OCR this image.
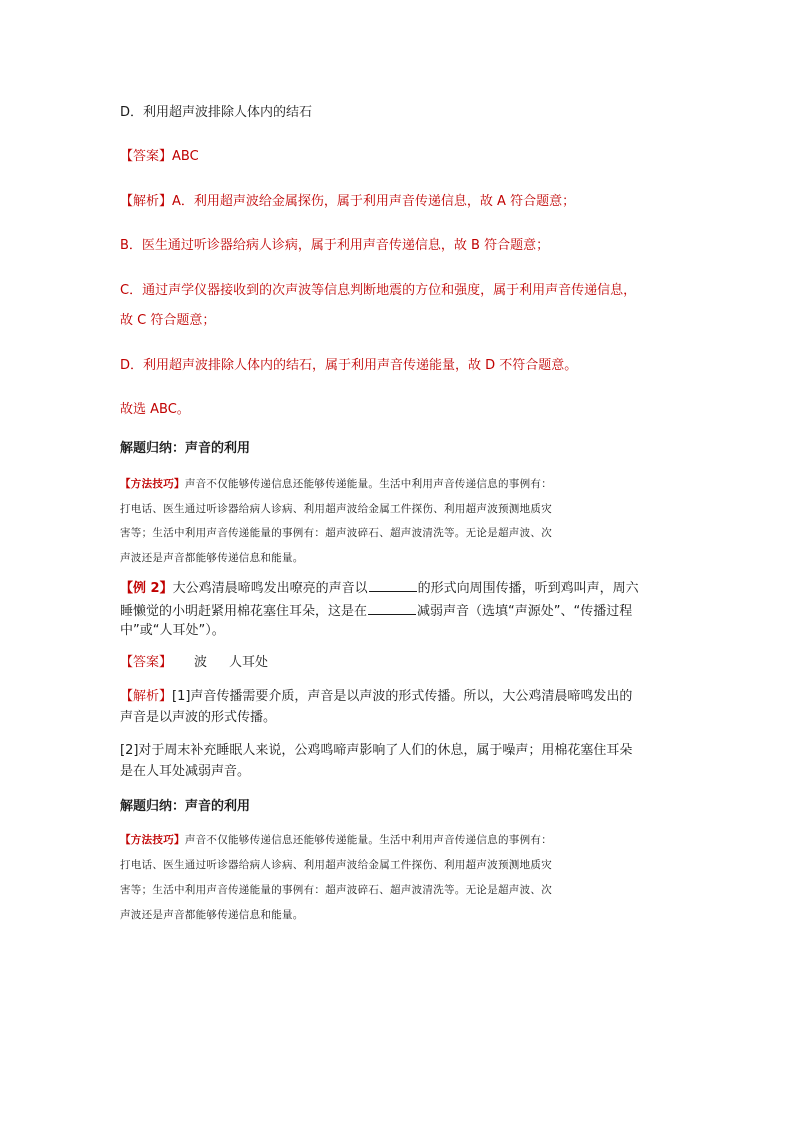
D．利用超声波排除人体内的结石
【答案】ABC
【解析】A．利用超声波给金属探伤，属于利用声音传递信息，故 A 符合题意；
B．医生通过听诊器给病人诊病，属于利用声音传递信息，故 B 符合题意；
C．通过声学仪器接收到的次声波等信息判断地震的方位和强度，属于利用声音传递信息，
故 C 符合题意；
D．利用超声波排除人体内的结石，属于利用声音传递能量，故 D 不符合题意。
故选 ABC。
解题归纳：声音的利用
【方法技巧】声音不仅能够传递信息还能够传递能量。生活中利用声音传递信息的事例有：
打电话、医生通过听诊器给病人诊病、利用超声波给金属工件探伤、利用超声波预测地质灾
害等；生活中利用声音传递能量的事例有：超声波碎石、超声波清洗等。无论是超声波、次
声波还是声音都能够传递信息和能量。
【例 2】大公鸡清晨啼鸣发出嘹亮的声音以	的形式向周围传播，听到鸡叫声，周六
睡懒觉的小明赶紧用棉花塞住耳朵，这是在	减弱声音（选填“声源处”、“传播过程
中”或“人耳处”）。
【答案】 波 人耳处
【解析】[1]声音传播需要介质，声音是以声波的形式传播。所以，大公鸡清晨啼鸣发出的
声音是以声波的形式传播。
[2]对于周末补充睡眠人来说，公鸡鸣啼声影响了人们的休息，属于噪声；用棉花塞住耳朵
是在人耳处减弱声音。
解题归纳：声音的利用
【方法技巧】声音不仅能够传递信息还能够传递能量。生活中利用声音传递信息的事例有：
打电话、医生通过听诊器给病人诊病、利用超声波给金属工件探伤、利用超声波预测地质灾
害等；生活中利用声音传递能量的事例有：超声波碎石、超声波清洗等。无论是超声波、次
声波还是声音都能够传递信息和能量。
